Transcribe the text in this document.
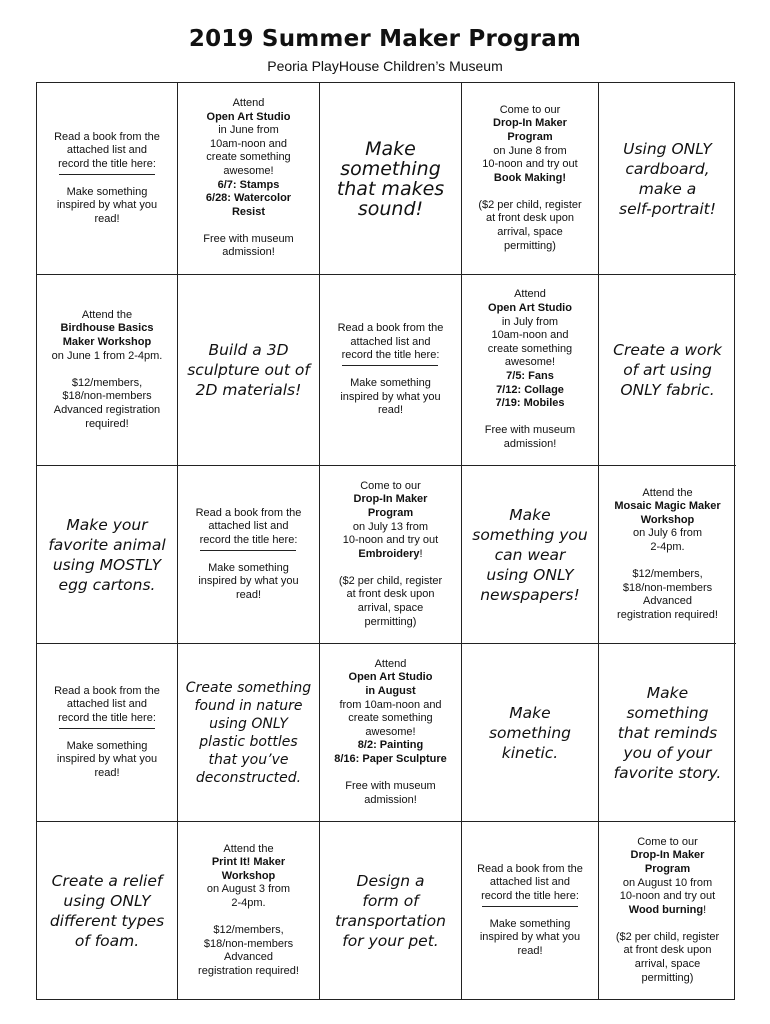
2019 Summer Maker Program
Peoria PlayHouse Children’s Museum
Read a book from the
attached list and
record the title here:
Make something
inspired by what you
read!
Attend
Open Art Studio
in June from
10am-noon and
create something
awesome!
6/7: Stamps
6/28: Watercolor
Resist
Free with museum
admission!
Make
something
that makes
sound!
Come to our
Drop-In Maker
Program
on June 8 from
10-noon and try out
Book Making!
($2 per child, register
at front desk upon
arrival, space
permitting)
Using ONLY
cardboard,
make a
self-portrait!
Attend the
Birdhouse Basics
Maker Workshop
on June 1 from 2-4pm.
$12/members,
$18/non-members
Advanced registration
required!
Build a 3D
sculpture out of
2D materials!
Read a book from the
attached list and
record the title here:
Make something
inspired by what you
read!
Attend
Open Art Studio
in July from
10am-noon and
create something
awesome!
7/5: Fans
7/12: Collage
7/19: Mobiles
Free with museum
admission!
Create a work
of art using
ONLY fabric.
Make your
favorite animal
using MOSTLY
egg cartons.
Read a book from the
attached list and
record the title here:
Make something
inspired by what you
read!
Come to our
Drop-In Maker
Program
on July 13 from
10-noon and try out
Embroidery!
($2 per child, register
at front desk upon
arrival, space
permitting)
Make
something you
can wear
using ONLY
newspapers!
Attend the
Mosaic Magic Maker
Workshop
on July 6 from
2-4pm.
$12/members,
$18/non-members
Advanced
registration required!
Read a book from the
attached list and
record the title here:
Make something
inspired by what you
read!
Create something
found in nature
using ONLY
plastic bottles
that you’ve
deconstructed.
Attend
Open Art Studio
in August
from 10am-noon and
create something
awesome!
8/2: Painting
8/16: Paper Sculpture
Free with museum
admission!
Make
something
kinetic.
Make
something
that reminds
you of your
favorite story.
Create a relief
using ONLY
different types
of foam.
Attend the
Print It! Maker
Workshop
on August 3 from
2-4pm.
$12/members,
$18/non-members
Advanced
registration required!
Design a
form of
transportation
for your pet.
Read a book from the
attached list and
record the title here:
Make something
inspired by what you
read!
Come to our
Drop-In Maker
Program
on August 10 from
10-noon and try out
Wood burning!
($2 per child, register
at front desk upon
arrival, space
permitting)
